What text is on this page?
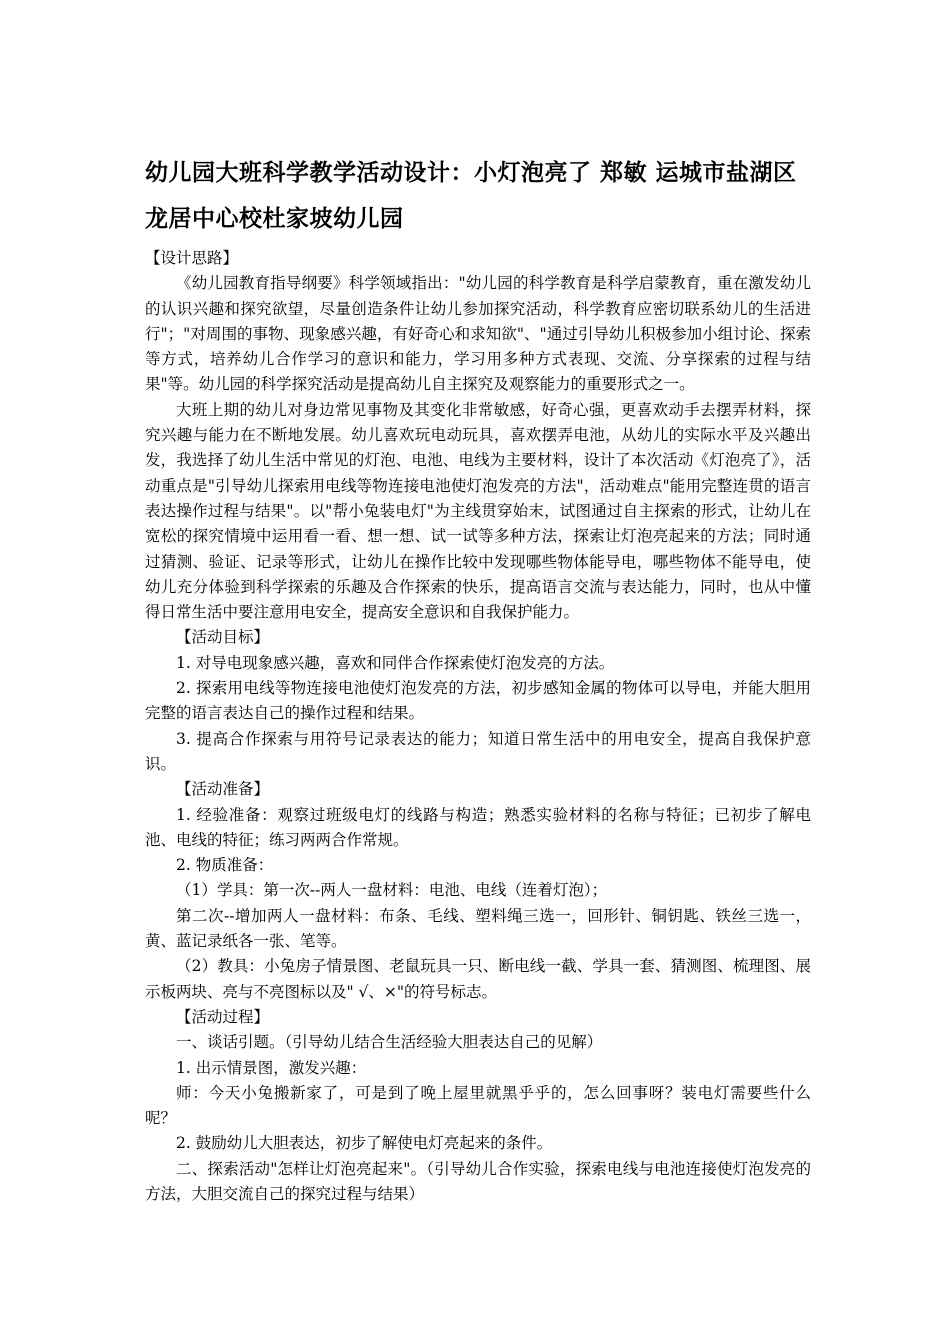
幼儿园大班科学教学活动设计：小灯泡亮了 郑敏 运城市盐湖区龙居中心校杜家坡幼儿园

【设计思路】

《幼儿园教育指导纲要》科学领域指出："幼儿园的科学教育是科学启蒙教育，重在激发幼儿的认识兴趣和探究欲望，尽量创造条件让幼儿参加探究活动，科学教育应密切联系幼儿的生活进行"；"对周围的事物、现象感兴趣，有好奇心和求知欲"、"通过引导幼儿积极参加小组讨论、探索等方式，培养幼儿合作学习的意识和能力，学习用多种方式表现、交流、分享探索的过程与结果"等。幼儿园的科学探究活动是提高幼儿自主探究及观察能力的重要形式之一。

大班上期的幼儿对身边常见事物及其变化非常敏感，好奇心强，更喜欢动手去摆弄材料，探究兴趣与能力在不断地发展。幼儿喜欢玩电动玩具，喜欢摆弄电池，从幼儿的实际水平及兴趣出发，我选择了幼儿生活中常见的灯泡、电池、电线为主要材料，设计了本次活动《灯泡亮了》，活动重点是"引导幼儿探索用电线等物连接电池使灯泡发亮的方法"，活动难点"能用完整连贯的语言表达操作过程与结果"。以"帮小兔装电灯"为主线贯穿始末，试图通过自主探索的形式，让幼儿在宽松的探究情境中运用看一看、想一想、试一试等多种方法，探索让灯泡亮起来的方法；同时通过猜测、验证、记录等形式，让幼儿在操作比较中发现哪些物体能导电，哪些物体不能导电，使幼儿充分体验到科学探索的乐趣及合作探索的快乐，提高语言交流与表达能力，同时，也从中懂得日常生活中要注意用电安全，提高安全意识和自我保护能力。

【活动目标】

1. 对导电现象感兴趣，喜欢和同伴合作探索使灯泡发亮的方法。

2. 探索用电线等物连接电池使灯泡发亮的方法，初步感知金属的物体可以导电，并能大胆用完整的语言表达自己的操作过程和结果。

3. 提高合作探索与用符号记录表达的能力；知道日常生活中的用电安全，提高自我保护意识。

【活动准备】

1. 经验准备：观察过班级电灯的线路与构造；熟悉实验材料的名称与特征；已初步了解电池、电线的特征；练习两两合作常规。

2. 物质准备：

（1）学具：第一次--两人一盘材料：电池、电线（连着灯泡）；

第二次--增加两人一盘材料：布条、毛线、塑料绳三选一，回形针、铜钥匙、铁丝三选一，黄、蓝记录纸各一张、笔等。

（2）教具：小兔房子情景图、老鼠玩具一只、断电线一截、学具一套、猜测图、梳理图、展示板两块、亮与不亮图标以及" √、×"的符号标志。

【活动过程】

一、谈话引题。（引导幼儿结合生活经验大胆表达自己的见解）

1. 出示情景图，激发兴趣：

师：今天小兔搬新家了，可是到了晚上屋里就黑乎乎的，怎么回事呀？装电灯需要些什么呢？

2. 鼓励幼儿大胆表达，初步了解使电灯亮起来的条件。

二、探索活动"怎样让灯泡亮起来"。（引导幼儿合作实验，探索电线与电池连接使灯泡发亮的方法，大胆交流自己的探究过程与结果）
